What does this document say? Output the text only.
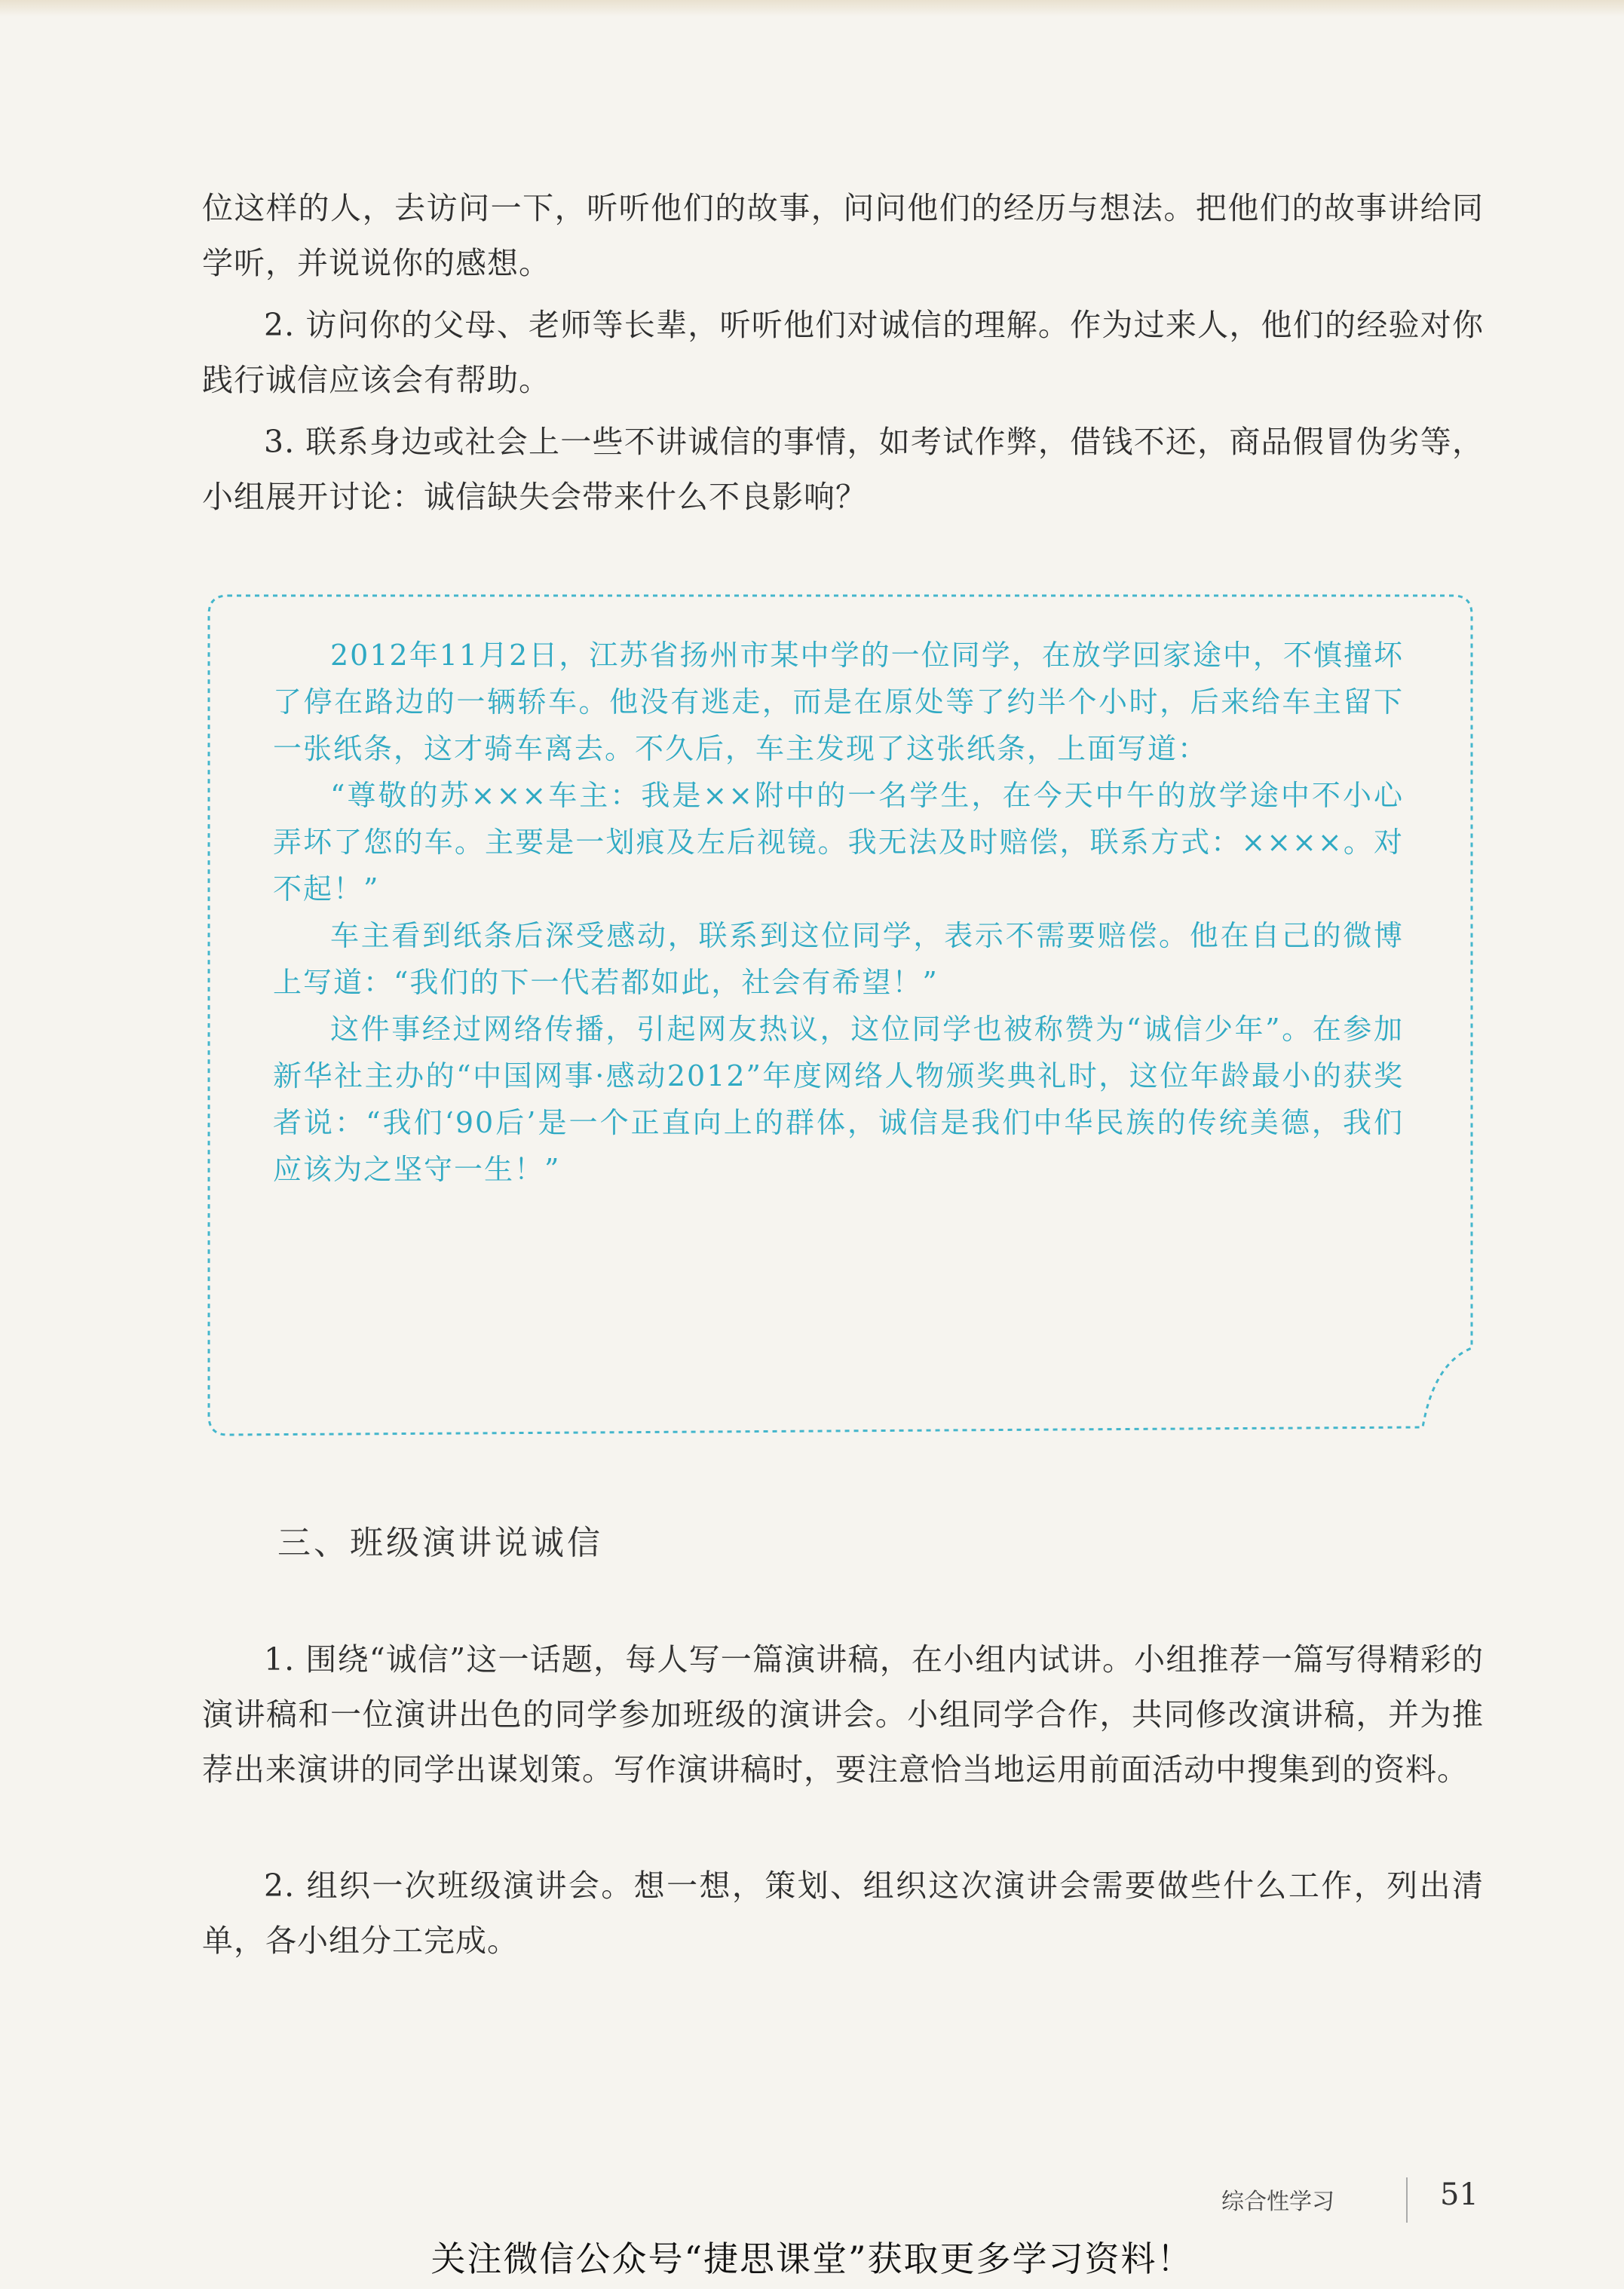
位这样的人，去访问一下，听听他们的故事，问问他们的经历与想法。把他们的故事讲给同学听，并说说你的感想。

2. 访问你的父母、老师等长辈，听听他们对诚信的理解。作为过来人，他们的经验对你践行诚信应该会有帮助。

3. 联系身边或社会上一些不讲诚信的事情，如考试作弊，借钱不还，商品假冒伪劣等，小组展开讨论：诚信缺失会带来什么不良影响？

2012年11月2日，江苏省扬州市某中学的一位同学，在放学回家途中，不慎撞坏了停在路边的一辆轿车。他没有逃走，而是在原处等了约半个小时，后来给车主留下一张纸条，这才骑车离去。不久后，车主发现了这张纸条，上面写道：

“尊敬的苏×××车主：我是××附中的一名学生，在今天中午的放学途中不小心弄坏了您的车。主要是一划痕及左后视镜。我无法及时赔偿，联系方式：××××。对不起！”

车主看到纸条后深受感动，联系到这位同学，表示不需要赔偿。他在自己的微博上写道：“我们的下一代若都如此，社会有希望！”

这件事经过网络传播，引起网友热议，这位同学也被称赞为“诚信少年”。在参加新华社主办的“中国网事·感动2012”年度网络人物颁奖典礼时，这位年龄最小的获奖者说：“我们‘90后’是一个正直向上的群体，诚信是我们中华民族的传统美德，我们应该为之坚守一生！”

三、班级演讲说诚信

1. 围绕“诚信”这一话题，每人写一篇演讲稿，在小组内试讲。小组推荐一篇写得精彩的演讲稿和一位演讲出色的同学参加班级的演讲会。小组同学合作，共同修改演讲稿，并为推荐出来演讲的同学出谋划策。写作演讲稿时，要注意恰当地运用前面活动中搜集到的资料。

2. 组织一次班级演讲会。想一想，策划、组织这次演讲会需要做些什么工作，列出清单，各小组分工完成。

综合性学习	51
关注微信公众号“捷思课堂”获取更多学习资料！
